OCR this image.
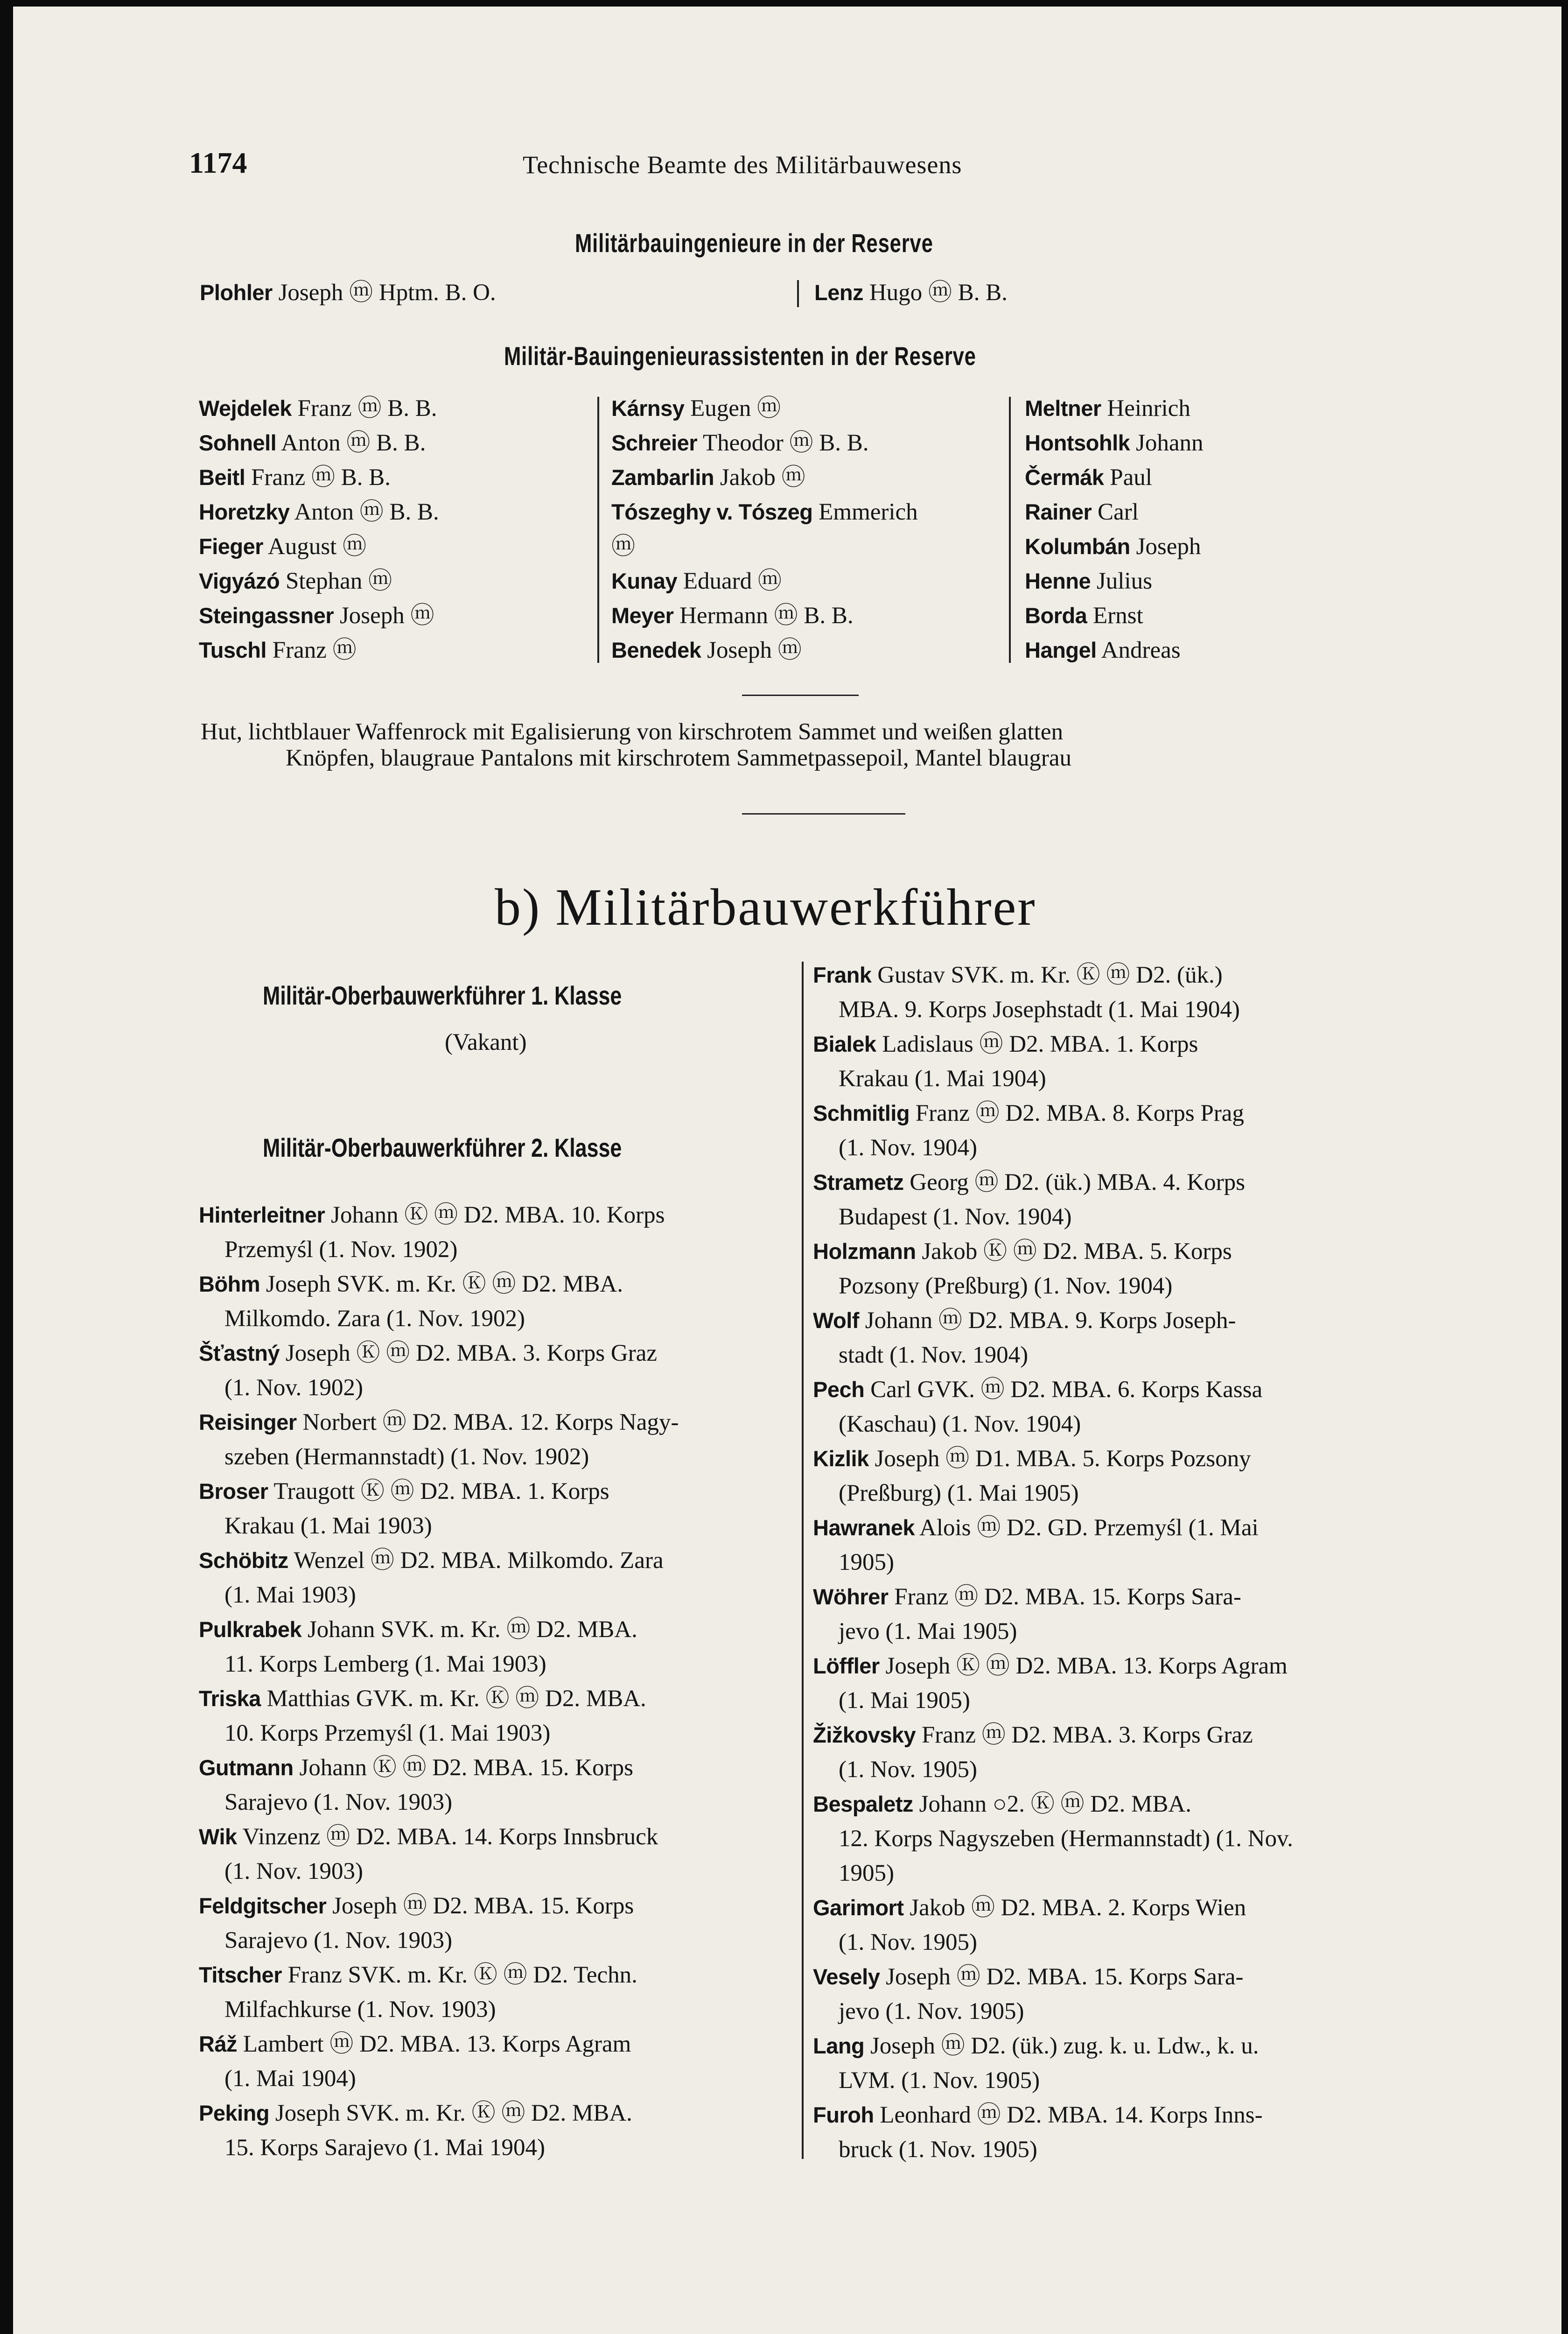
1174	Technische Beamte des Militärbauwesens
Militärbauingenieure in der Reserve
Plohler Joseph ⓜ Hptm. B. O.	Lenz Hugo ⓜ B. B.
Militär-Bauingenieurassistenten in der Reserve
Wejdelek Franz ⓜ B. B.
Sohnell Anton ⓜ B. B.
Beitl Franz ⓜ B. B.
Horetzky Anton ⓜ B. B.
Fieger August ⓜ
Vigyázó Stephan ⓜ
Steingassner Joseph ⓜ
Tuschl Franz ⓜ
Kárnsy Eugen ⓜ
Schreier Theodor ⓜ B. B.
Zambarlin Jakob ⓜ
Tószeghy v. Tószeg Emmerich
ⓜ
Kunay Eduard ⓜ
Meyer Hermann ⓜ B. B.
Benedek Joseph ⓜ
Meltner Heinrich
Hontsohlk Johann
Čermák Paul
Rainer Carl
Kolumbán Joseph
Henne Julius
Borda Ernst
Hangel Andreas
Hut, lichtblauer Waffenrock mit Egalisierung von kirschrotem Sammet und weißen glatten
Knöpfen, blaugraue Pantalons mit kirschrotem Sammetpassepoil, Mantel blaugrau
b) Militärbauwerkführer
Militär-Oberbauwerkführer 1. Klasse
(Vakant)
Militär-Oberbauwerkführer 2. Klasse
Hinterleitner Johann Ⓚ ⓜ D2. MBA. 10. Korps
Przemyśl (1. Nov. 1902)
Böhm Joseph SVK. m. Kr. Ⓚ ⓜ D2. MBA.
Milkomdo. Zara (1. Nov. 1902)
Šťastný Joseph Ⓚ ⓜ D2. MBA. 3. Korps Graz
(1. Nov. 1902)
Reisinger Norbert ⓜ D2. MBA. 12. Korps Nagy-
szeben (Hermannstadt) (1. Nov. 1902)
Broser Traugott Ⓚ ⓜ D2. MBA. 1. Korps
Krakau (1. Mai 1903)
Schöbitz Wenzel ⓜ D2. MBA. Milkomdo. Zara
(1. Mai 1903)
Pulkrabek Johann SVK. m. Kr. ⓜ D2. MBA.
11. Korps Lemberg (1. Mai 1903)
Triska Matthias GVK. m. Kr. Ⓚ ⓜ D2. MBA.
10. Korps Przemyśl (1. Mai 1903)
Gutmann Johann Ⓚ ⓜ D2. MBA. 15. Korps
Sarajevo (1. Nov. 1903)
Wik Vinzenz ⓜ D2. MBA. 14. Korps Innsbruck
(1. Nov. 1903)
Feldgitscher Joseph ⓜ D2. MBA. 15. Korps
Sarajevo (1. Nov. 1903)
Titscher Franz SVK. m. Kr. Ⓚ ⓜ D2. Techn.
Milfachkurse (1. Nov. 1903)
Ráž Lambert ⓜ D2. MBA. 13. Korps Agram
(1. Mai 1904)
Peking Joseph SVK. m. Kr. Ⓚ ⓜ D2. MBA.
15. Korps Sarajevo (1. Mai 1904)
Frank Gustav SVK. m. Kr. Ⓚ ⓜ D2. (ük.)
MBA. 9. Korps Josephstadt (1. Mai 1904)
Bialek Ladislaus ⓜ D2. MBA. 1. Korps
Krakau (1. Mai 1904)
Schmitlig Franz ⓜ D2. MBA. 8. Korps Prag
(1. Nov. 1904)
Strametz Georg ⓜ D2. (ük.) MBA. 4. Korps
Budapest (1. Nov. 1904)
Holzmann Jakob Ⓚ ⓜ D2. MBA. 5. Korps
Pozsony (Preßburg) (1. Nov. 1904)
Wolf Johann ⓜ D2. MBA. 9. Korps Joseph-
stadt (1. Nov. 1904)
Pech Carl GVK. ⓜ D2. MBA. 6. Korps Kassa
(Kaschau) (1. Nov. 1904)
Kizlik Joseph ⓜ D1. MBA. 5. Korps Pozsony
(Preßburg) (1. Mai 1905)
Hawranek Alois ⓜ D2. GD. Przemyśl (1. Mai
1905)
Wöhrer Franz ⓜ D2. MBA. 15. Korps Sara-
jevo (1. Mai 1905)
Löffler Joseph Ⓚ ⓜ D2. MBA. 13. Korps Agram
(1. Mai 1905)
Žižkovsky Franz ⓜ D2. MBA. 3. Korps Graz
(1. Nov. 1905)
Bespaletz Johann ○2. Ⓚ ⓜ D2. MBA.
12. Korps Nagyszeben (Hermannstadt) (1. Nov.
1905)
Garimort Jakob ⓜ D2. MBA. 2. Korps Wien
(1. Nov. 1905)
Vesely Joseph ⓜ D2. MBA. 15. Korps Sara-
jevo (1. Nov. 1905)
Lang Joseph ⓜ D2. (ük.) zug. k. u. Ldw., k. u.
LVM. (1. Nov. 1905)
Furoh Leonhard ⓜ D2. MBA. 14. Korps Inns-
bruck (1. Nov. 1905)
